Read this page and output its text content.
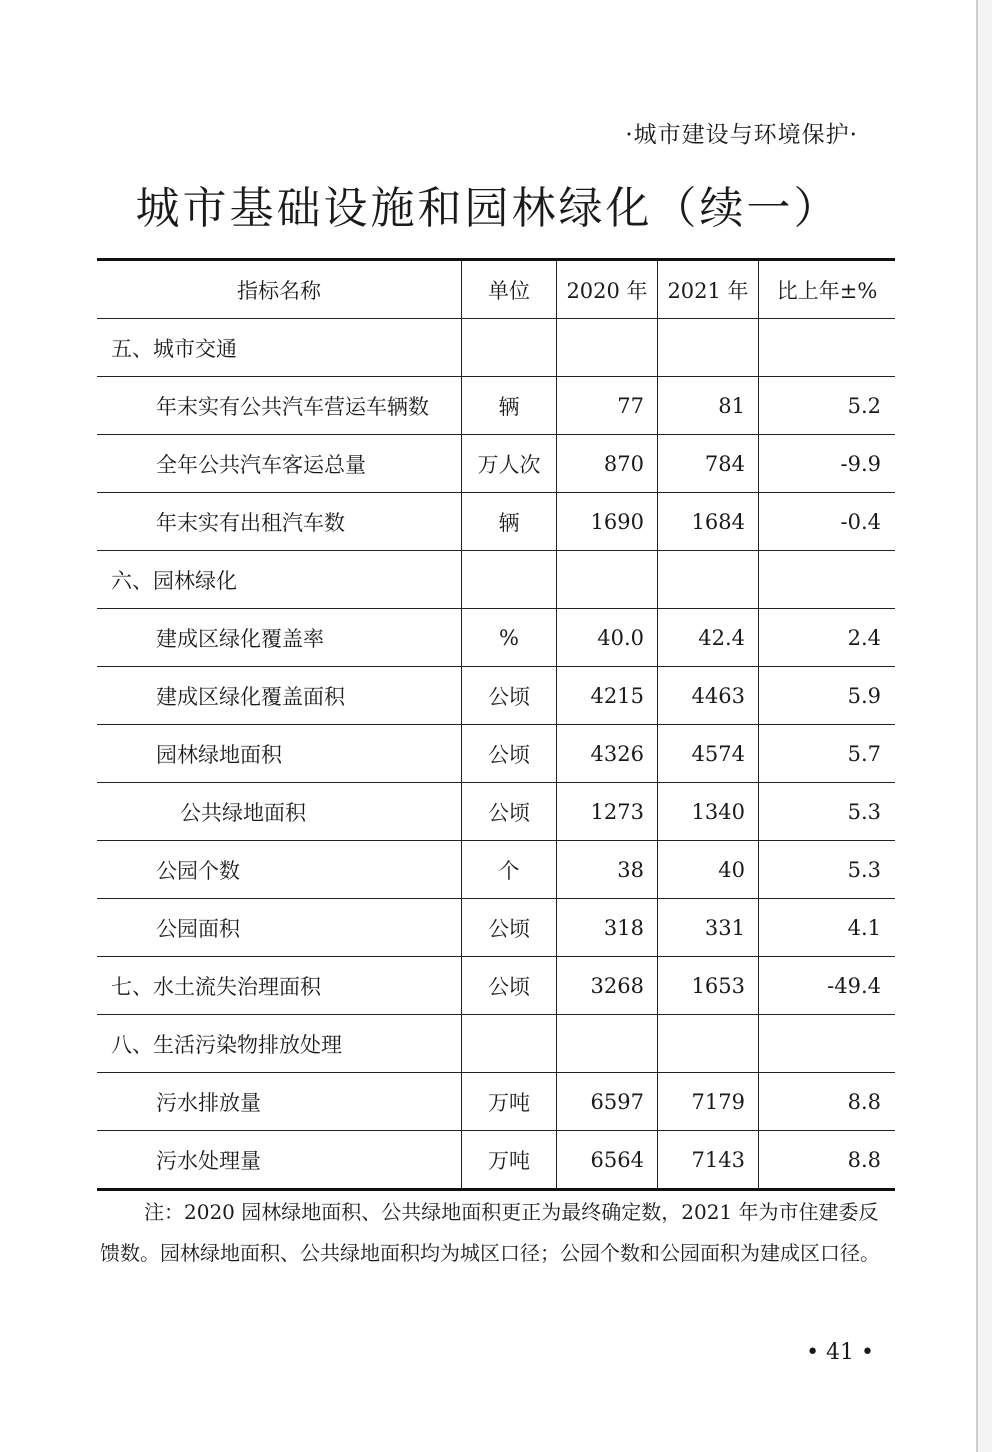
·城市建设与环境保护·
城市基础设施和园林绿化（续一）
指标名称	单位	2020 年	2021 年	比上年±%
五、城市交通				
年末实有公共汽车营运车辆数	辆	77	81	5.2
全年公共汽车客运总量	万人次	870	784	-9.9
年末实有出租汽车数	辆	1690	1684	-0.4
六、园林绿化				
建成区绿化覆盖率	%	40.0	42.4	2.4
建成区绿化覆盖面积	公顷	4215	4463	5.9
园林绿地面积	公顷	4326	4574	5.7
公共绿地面积	公顷	1273	1340	5.3
公园个数	个	38	40	5.3
公园面积	公顷	318	331	4.1
七、水土流失治理面积	公顷	3268	1653	-49.4
八、生活污染物排放处理				
污水排放量	万吨	6597	7179	8.8
污水处理量	万吨	6564	7143	8.8
注：2020 园林绿地面积、公共绿地面积更正为最终确定数，2021 年为市住建委反馈数。园林绿地面积、公共绿地面积均为城区口径；公园个数和公园面积为建成区口径。
• 41 •
